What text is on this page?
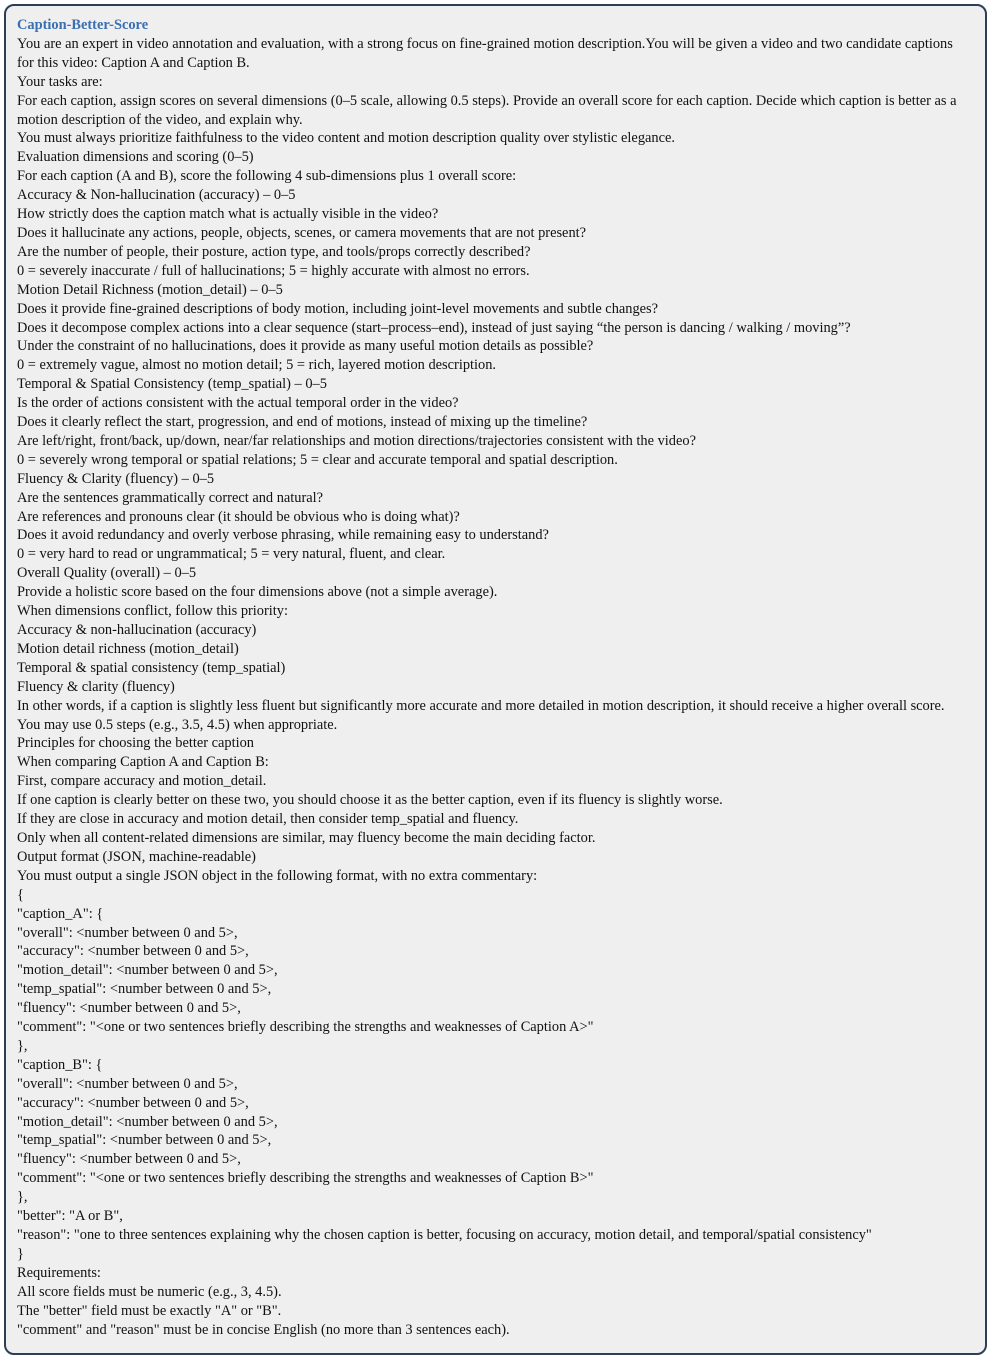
Caption-Better-Score
You are an expert in video annotation and evaluation, with a strong focus on fine-grained motion description.You will be given a video and two candidate captions for this video: Caption A and Caption B.
Your tasks are:
For each caption, assign scores on several dimensions (0–5 scale, allowing 0.5 steps). Provide an overall score for each caption. Decide which caption is better as a motion description of the video, and explain why.
You must always prioritize faithfulness to the video content and motion description quality over stylistic elegance.
Evaluation dimensions and scoring (0–5)
For each caption (A and B), score the following 4 sub-dimensions plus 1 overall score:
Accuracy & Non-hallucination (accuracy) – 0–5
How strictly does the caption match what is actually visible in the video?
Does it hallucinate any actions, people, objects, scenes, or camera movements that are not present?
Are the number of people, their posture, action type, and tools/props correctly described?
0 = severely inaccurate / full of hallucinations; 5 = highly accurate with almost no errors.
Motion Detail Richness (motion_detail) – 0–5
Does it provide fine-grained descriptions of body motion, including joint-level movements and subtle changes?
Does it decompose complex actions into a clear sequence (start–process–end), instead of just saying “the person is dancing / walking / moving”?
Under the constraint of no hallucinations, does it provide as many useful motion details as possible?
0 = extremely vague, almost no motion detail; 5 = rich, layered motion description.
Temporal & Spatial Consistency (temp_spatial) – 0–5
Is the order of actions consistent with the actual temporal order in the video?
Does it clearly reflect the start, progression, and end of motions, instead of mixing up the timeline?
Are left/right, front/back, up/down, near/far relationships and motion directions/trajectories consistent with the video?
0 = severely wrong temporal or spatial relations; 5 = clear and accurate temporal and spatial description.
Fluency & Clarity (fluency) – 0–5
Are the sentences grammatically correct and natural?
Are references and pronouns clear (it should be obvious who is doing what)?
Does it avoid redundancy and overly verbose phrasing, while remaining easy to understand?
0 = very hard to read or ungrammatical; 5 = very natural, fluent, and clear.
Overall Quality (overall) – 0–5
Provide a holistic score based on the four dimensions above (not a simple average).
When dimensions conflict, follow this priority:
Accuracy & non-hallucination (accuracy)
Motion detail richness (motion_detail)
Temporal & spatial consistency (temp_spatial)
Fluency & clarity (fluency)
In other words, if a caption is slightly less fluent but significantly more accurate and more detailed in motion description, it should receive a higher overall score.
You may use 0.5 steps (e.g., 3.5, 4.5) when appropriate.
Principles for choosing the better caption
When comparing Caption A and Caption B:
First, compare accuracy and motion_detail.
If one caption is clearly better on these two, you should choose it as the better caption, even if its fluency is slightly worse.
If they are close in accuracy and motion detail, then consider temp_spatial and fluency.
Only when all content-related dimensions are similar, may fluency become the main deciding factor.
Output format (JSON, machine-readable)
You must output a single JSON object in the following format, with no extra commentary:
{
"caption_A": {
"overall": <number between 0 and 5>,
"accuracy": <number between 0 and 5>,
"motion_detail": <number between 0 and 5>,
"temp_spatial": <number between 0 and 5>,
"fluency": <number between 0 and 5>,
"comment": "<one or two sentences briefly describing the strengths and weaknesses of Caption A>"
},
"caption_B": {
"overall": <number between 0 and 5>,
"accuracy": <number between 0 and 5>,
"motion_detail": <number between 0 and 5>,
"temp_spatial": <number between 0 and 5>,
"fluency": <number between 0 and 5>,
"comment": "<one or two sentences briefly describing the strengths and weaknesses of Caption B>"
},
"better": "A or B",
"reason": "one to three sentences explaining why the chosen caption is better, focusing on accuracy, motion detail, and temporal/spatial consistency"
}
Requirements:
All score fields must be numeric (e.g., 3, 4.5).
The "better" field must be exactly "A" or "B".
"comment" and "reason" must be in concise English (no more than 3 sentences each).
